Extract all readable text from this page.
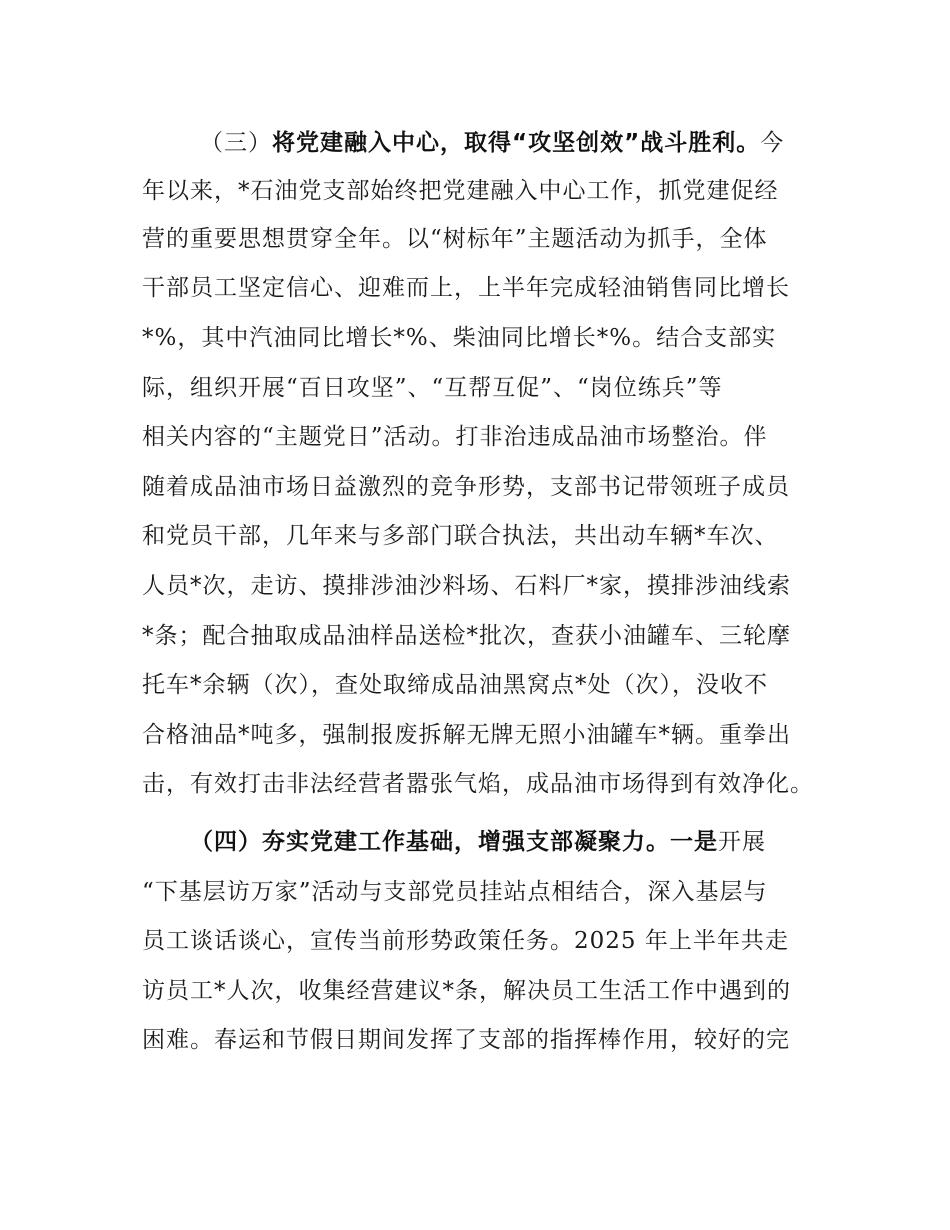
（三）将党建融入中心，取得“攻坚创效”战斗胜利。今
年以来，*石油党支部始终把党建融入中心工作，抓党建促经
营的重要思想贯穿全年。以“树标年”主题活动为抓手，全体
干部员工坚定信心、迎难而上，上半年完成轻油销售同比增长
*%，其中汽油同比增长*%、柴油同比增长*%。结合支部实
际，组织开展“百日攻坚”、“互帮互促”、“岗位练兵”等
相关内容的“主题党日”活动。打非治违成品油市场整治。伴
随着成品油市场日益激烈的竞争形势，支部书记带领班子成员
和党员干部，几年来与多部门联合执法，共出动车辆*车次、
人员*次，走访、摸排涉油沙料场、石料厂*家，摸排涉油线索
*条；配合抽取成品油样品送检*批次，查获小油罐车、三轮摩
托车*余辆（次），查处取缔成品油黑窝点*处（次），没收不
合格油品*吨多，强制报废拆解无牌无照小油罐车*辆。重拳出
击，有效打击非法经营者嚣张气焰，成品油市场得到有效净化。
（四）夯实党建工作基础，增强支部凝聚力。一是开展
“下基层访万家”活动与支部党员挂站点相结合，深入基层与
员工谈话谈心，宣传当前形势政策任务。2025 年上半年共走
访员工*人次，收集经营建议*条，解决员工生活工作中遇到的
困难。春运和节假日期间发挥了支部的指挥棒作用，较好的完
